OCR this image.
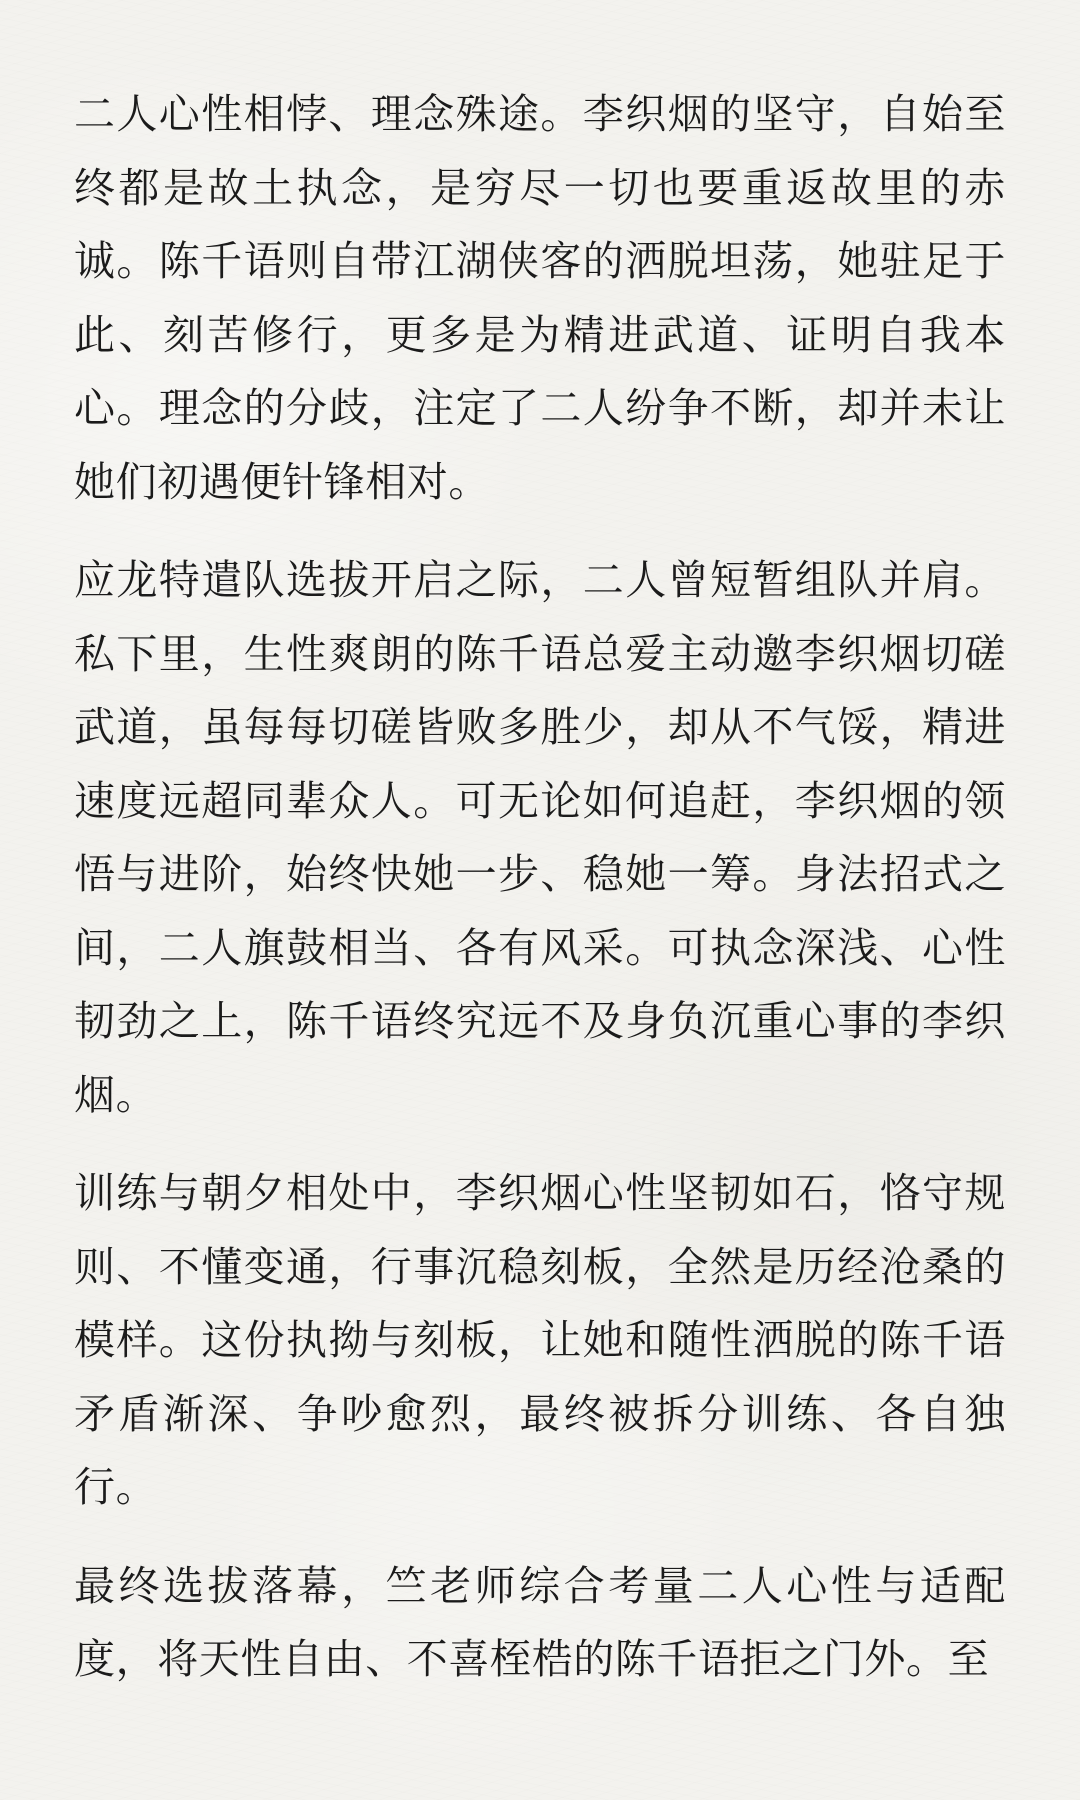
二人心性相悖、理念殊途。李织烟的坚守，自始至终都是故土执念，是穷尽一切也要重返故里的赤诚。陈千语则自带江湖侠客的洒脱坦荡，她驻足于此、刻苦修行，更多是为精进武道、证明自我本心。理念的分歧，注定了二人纷争不断，却并未让她们初遇便针锋相对。

应龙特遣队选拔开启之际，二人曾短暂组队并肩。私下里，生性爽朗的陈千语总爱主动邀李织烟切磋武道，虽每每切磋皆败多胜少，却从不气馁，精进速度远超同辈众人。可无论如何追赶，李织烟的领悟与进阶，始终快她一步、稳她一筹。身法招式之间，二人旗鼓相当、各有风采。可执念深浅、心性韧劲之上，陈千语终究远不及身负沉重心事的李织烟。

训练与朝夕相处中，李织烟心性坚韧如石，恪守规则、不懂变通，行事沉稳刻板，全然是历经沧桑的模样。这份执拗与刻板，让她和随性洒脱的陈千语矛盾渐深、争吵愈烈，最终被拆分训练、各自独行。

最终选拔落幕，竺老师综合考量二人心性与适配度，将天性自由、不喜桎梏的陈千语拒之门外。至
